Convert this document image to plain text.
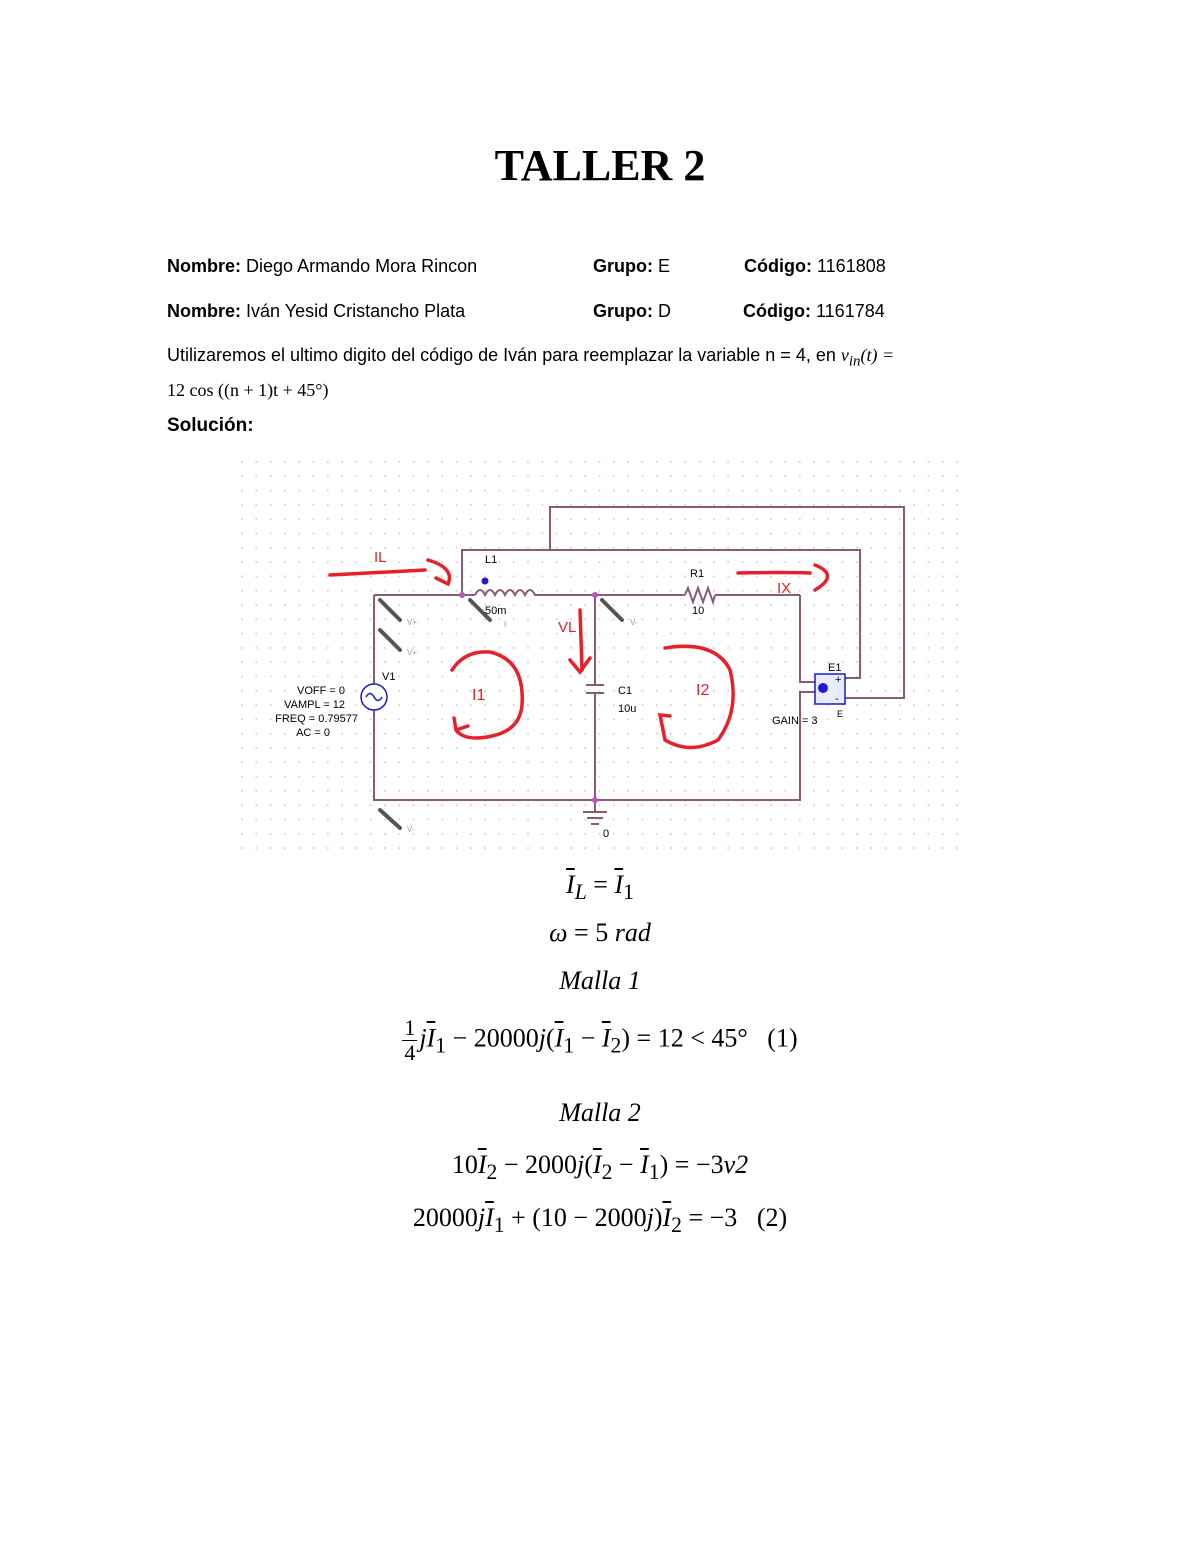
TALLER 2
Nombre: Diego Armando Mora Rincon	Grupo: E	Código: 1161808
Nombre: Iván Yesid Cristancho Plata	Grupo: D	Código: 1161784
Utilizaremos el ultimo digito del código de Iván para reemplazar la variable n = 4, en $v_{in}(t)$ =
12 cos ((n + 1)t + 45°)
Solución:
+
-
V+
V+
I	V-
V-
IL	L1
50m
R1
10
IX
VL
V1
VOFF = 0
VAMPL = 12
FREQ = 0.79577
AC = 0
I1	I2
C1
10u
E1
GAIN = 3
E
0
$\overline{I}_L = \overline{I}_1$
ω = 5 rad
Malla 1
$\frac{1}{4} j\overline{I}_1 - 20000j(\overline{I}_1 - \overline{I}_2) = 12 < 45^\circ$ (1)
Malla 2
$10\overline{I}_2 - 2000j(\overline{I}_2 - \overline{I}_1) = -3v2$
$20000j\overline{I}_1 + (10 - 2000j)\overline{I}_2 = -3$ (2)
